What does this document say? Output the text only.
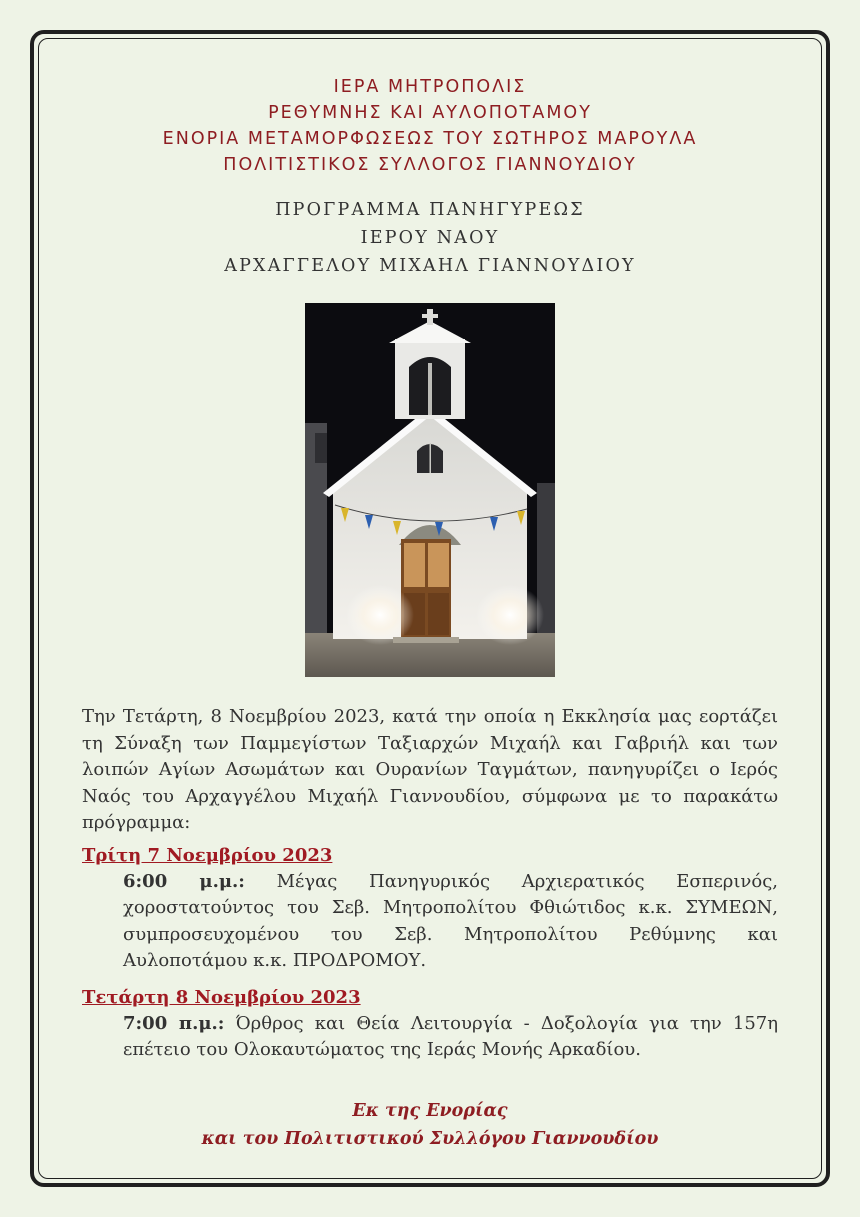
ΙΕΡΑ ΜΗΤΡΟΠΟΛΙΣ
ΡΕΘΥΜΝΗΣ ΚΑΙ ΑΥΛΟΠΟΤΑΜΟΥ
ΕΝΟΡΙΑ ΜΕΤΑΜΟΡΦΩΣΕΩΣ ΤΟΥ ΣΩΤΗΡΟΣ ΜΑΡΟΥΛΑ
ΠΟΛΙΤΙΣΤΙΚΟΣ ΣΥΛΛΟΓΟΣ ΓΙΑΝΝΟΥΔΙΟΥ
ΠΡΟΓΡΑΜΜΑ ΠΑΝΗΓΥΡΕΩΣ
ΙΕΡΟΥ ΝΑΟΥ
ΑΡΧΑΓΓΕΛΟΥ ΜΙΧΑΗΛ ΓΙΑΝΝΟΥΔΙΟΥ
Την Τετάρτη, 8 Νοεμβρίου 2023, κατά την οποία η Εκκλησία μας εορτάζει τη Σύναξη των Παμμεγίστων Ταξιαρχών Μιχαήλ και Γαβριήλ και των λοιπών Αγίων Ασωμάτων και Ουρανίων Ταγμάτων, πανηγυρίζει ο Ιερός Ναός του Αρχαγγέλου Μιχαήλ Γιαννουδίου, σύμφωνα με το παρακάτω πρόγραμμα:
Τρίτη 7 Νοεμβρίου 2023
6:00 μ.μ.: Μέγας Πανηγυρικός Αρχιερατικός Εσπερινός, χοροστατούντος του Σεβ. Μητροπολίτου Φθιώτιδος κ.κ. ΣΥΜΕΩΝ, συμπροσευχομένου του Σεβ. Μητροπολίτου Ρεθύμνης και Αυλοποτάμου κ.κ. ΠΡΟΔΡΟΜΟΥ.
Τετάρτη 8 Νοεμβρίου 2023
7:00 π.μ.: Όρθρος και Θεία Λειτουργία - Δοξολογία για την 157η επέτειο του Ολοκαυτώματος της Ιεράς Μονής Αρκαδίου.
Εκ της Ενορίας
και του Πολιτιστικού Συλλόγου Γιαννουδίου
